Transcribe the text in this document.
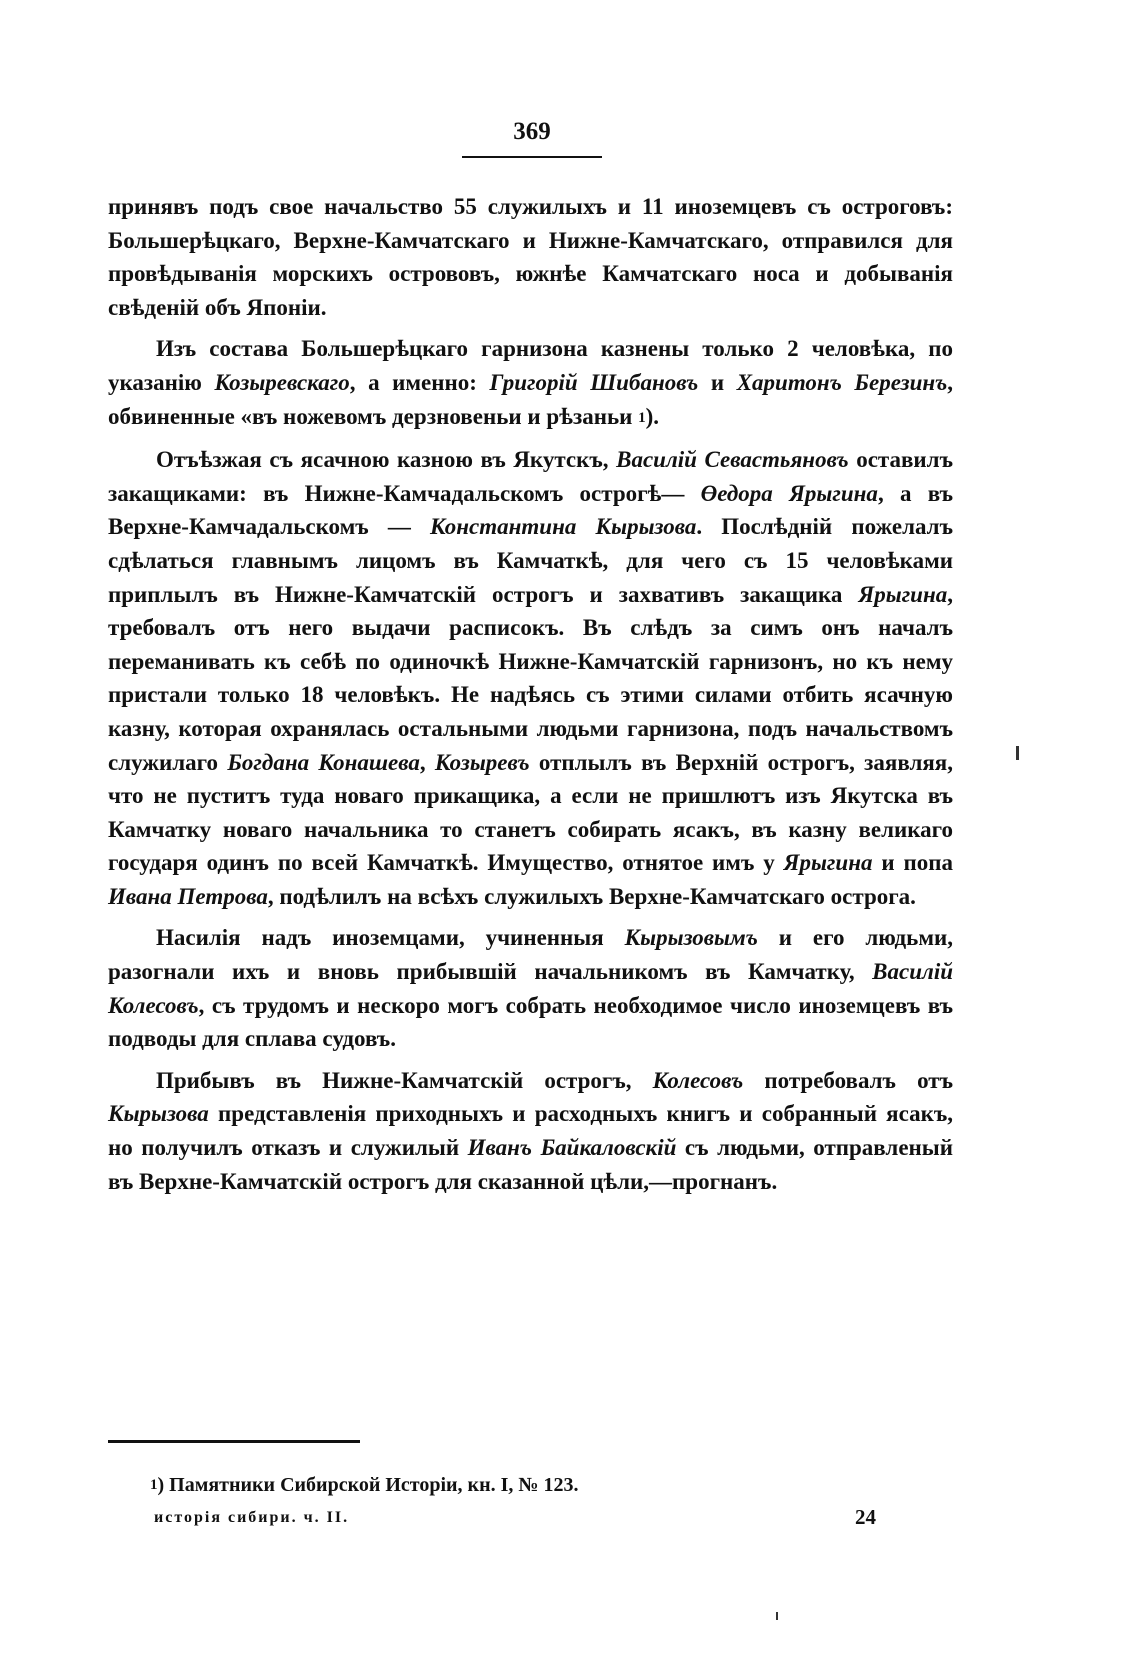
369

принявъ подъ свое начальство 55 служилыхъ и 11 иноземцевъ съ остроговъ: Большерѣцкаго, Верхне-Камчатскаго и Нижне-Камчатскаго, отправился для провѣдыванія морскихъ острововъ, южнѣе Камчатскаго носа и добыванія свѣденій объ Японіи.

Изъ состава Большерѣцкаго гарнизона казнены только 2 человѣка, по указанію Козыревскаго, а именно: Григорій Шибановъ и Харитонъ Березинъ, обвиненные «въ ножевомъ дерзновеньи и рѣзаньи 1).

Отъѣзжая съ ясачною казною въ Якутскъ, Василій Севастьяновъ оставилъ закащиками: въ Нижне-Камчадальскомъ острогѣ— Өедора Ярыгина, а въ Верхне-Камчадальскомъ — Константина Кырызова. Послѣдній пожелалъ сдѣлаться главнымъ лицомъ въ Камчаткѣ, для чего съ 15 человѣками приплылъ въ Нижне-Камчатскій острогъ и захвативъ закащика Ярыгина, требовалъ отъ него выдачи расписокъ. Въ слѣдъ за симъ онъ началъ переманивать къ себѣ по одиночкѣ Нижне-Камчатскій гарнизонъ, но къ нему пристали только 18 человѣкъ. Не надѣясь съ этими силами отбить ясачную казну, которая охранялась остальными людьми гарнизона, подъ начальствомъ служилаго Богдана Конашева, Козыревъ отплылъ въ Верхній острогъ, заявляя, что не пуститъ туда новаго прикащика, а если не пришлютъ изъ Якутска въ Камчатку новаго начальника то станетъ собирать ясакъ, въ казну великаго государя одинъ по всей Камчаткѣ. Имущество, отнятое имъ у Ярыгина и попа Ивана Петрова, подѣлилъ на всѣхъ служилыхъ Верхне-Камчатскаго острога.

Насилія надъ иноземцами, учиненныя Кырызовымъ и его людьми, разогнали ихъ и вновь прибывшій начальникомъ въ Камчатку, Василій Колесовъ, съ трудомъ и нескоро могъ собрать необходимое число иноземцевъ въ подводы для сплава судовъ.

Прибывъ въ Нижне-Камчатскій острогъ, Колесовъ потребовалъ отъ Кырызова представленія приходныхъ и расходныхъ книгъ и собранный ясакъ, но получилъ отказъ и служилый Иванъ Байкаловскій съ людьми, отправленый въ Верхне-Камчатскій острогъ для сказанной цѣли,—прогнанъ.

1) Памятники Сибирской Исторіи, кн. I, № 123.
исторія сибири. ч. II.	24
